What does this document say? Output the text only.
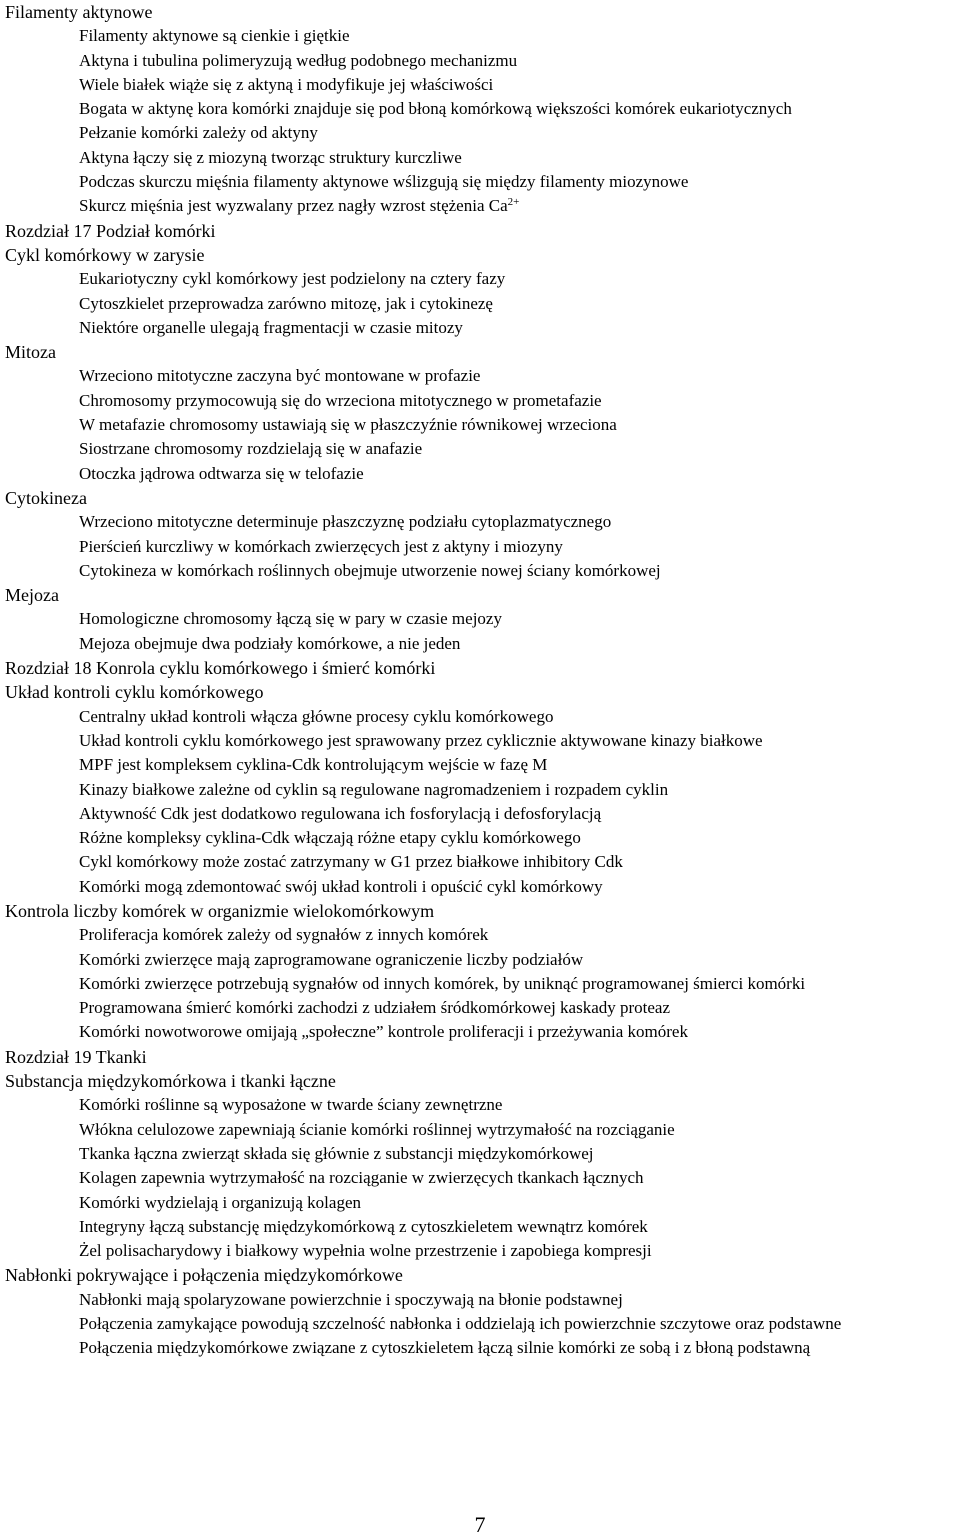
Filamenty aktynowe
Filamenty aktynowe są cienkie i giętkie
Aktyna i tubulina polimeryzują według podobnego mechanizmu
Wiele białek wiąże się z aktyną i modyfikuje jej właściwości
Bogata w aktynę kora komórki znajduje się pod błoną komórkową większości komórek eukariotycznych
Pełzanie komórki zależy od aktyny
Aktyna łączy się z miozyną tworząc struktury kurczliwe
Podczas skurczu mięśnia filamenty aktynowe wślizgują się między filamenty miozynowe
Skurcz mięśnia jest wyzwalany przez nagły wzrost stężenia $Ca^{2+}$
Rozdział 17 Podział komórki
Cykl komórkowy w zarysie
Eukariotyczny cykl komórkowy jest podzielony na cztery fazy
Cytoszkielet przeprowadza zarówno mitozę, jak i cytokinezę
Niektóre organelle ulegają fragmentacji w czasie mitozy
Mitoza
Wrzeciono mitotyczne zaczyna być montowane w profazie
Chromosomy przymocowują się do wrzeciona mitotycznego w prometafazie
W metafazie chromosomy ustawiają się w płaszczyźnie równikowej wrzeciona
Siostrzane chromosomy rozdzielają się w anafazie
Otoczka jądrowa odtwarza się w telofazie
Cytokineza
Wrzeciono mitotyczne determinuje płaszczyznę podziału cytoplazmatycznego
Pierścień kurczliwy w komórkach zwierzęcych jest z aktyny i miozyny
Cytokineza w komórkach roślinnych obejmuje utworzenie nowej ściany komórkowej
Mejoza
Homologiczne chromosomy łączą się w pary w czasie mejozy
Mejoza obejmuje dwa podziały komórkowe, a nie jeden
Rozdział 18 Konrola cyklu komórkowego i śmierć komórki
Układ kontroli cyklu komórkowego
Centralny układ kontroli włącza główne procesy cyklu komórkowego
Układ kontroli cyklu komórkowego jest sprawowany przez cyklicznie aktywowane kinazy białkowe
MPF jest kompleksem cyklina-Cdk kontrolującym wejście w fazę M
Kinazy białkowe zależne od cyklin są regulowane nagromadzeniem i rozpadem cyklin
Aktywność Cdk jest dodatkowo regulowana ich fosforylacją i defosforylacją
Różne kompleksy cyklina-Cdk włączają różne etapy cyklu komórkowego
Cykl komórkowy może zostać zatrzymany w G1 przez białkowe inhibitory Cdk
Komórki mogą zdemontować swój układ kontroli i opuścić cykl komórkowy
Kontrola liczby komórek w organizmie wielokomórkowym
Proliferacja komórek zależy od sygnałów z innych komórek
Komórki zwierzęce mają zaprogramowane ograniczenie liczby podziałów
Komórki zwierzęce potrzebują sygnałów od innych komórek, by uniknąć programowanej śmierci komórki
Programowana śmierć komórki zachodzi z udziałem śródkomórkowej kaskady proteaz
Komórki nowotworowe omijają „społeczne” kontrole proliferacji i przeżywania komórek
Rozdział 19 Tkanki
Substancja międzykomórkowa i tkanki łączne
Komórki roślinne są wyposażone w twarde ściany zewnętrzne
Włókna celulozowe zapewniają ścianie komórki roślinnej wytrzymałość na rozciąganie
Tkanka łączna zwierząt składa się głównie z substancji międzykomórkowej
Kolagen zapewnia wytrzymałość na rozciąganie w zwierzęcych tkankach łącznych
Komórki wydzielają i organizują kolagen
Integryny łączą substancję międzykomórkową z cytoszkieletem wewnątrz komórek
Żel polisacharydowy i białkowy wypełnia wolne przestrzenie i zapobiega kompresji
Nabłonki pokrywające i połączenia międzykomórkowe
Nabłonki mają spolaryzowane powierzchnie i spoczywają na błonie podstawnej
Połączenia zamykające powodują szczelność nabłonka i oddzielają ich powierzchnie szczytowe oraz podstawne
Połączenia międzykomórkowe związane z cytoszkieletem łączą silnie komórki ze sobą i z błoną podstawną
7
